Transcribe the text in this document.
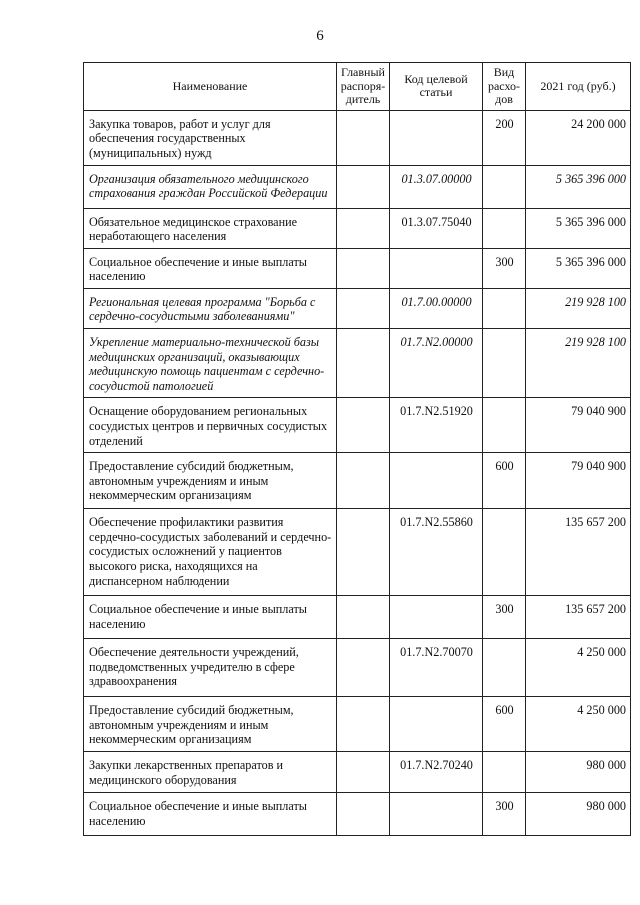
6
Наименование	Главный распоря-дитель	Код целевой статьи	Вид расхо-дов	2021 год (руб.)
Закупка товаров, работ и услуг для обеспечения государственных (муниципальных) нужд			200	24 200 000
Организация обязательного медицинского страхования граждан Российской Федерации		01.3.07.00000		5 365 396 000
Обязательное медицинское страхование неработающего населения		01.3.07.75040		5 365 396 000
Социальное обеспечение и иные выплаты населению			300	5 365 396 000
Региональная целевая программа "Борьба с сердечно-сосудистыми заболеваниями"		01.7.00.00000		219 928 100
Укрепление материально-технической базы медицинских организаций, оказывающих медицинскую помощь пациентам с сердечно-сосудистой патологией		01.7.N2.00000		219 928 100
Оснащение оборудованием региональных сосудистых центров и первичных сосудистых отделений		01.7.N2.51920		79 040 900
Предоставление субсидий бюджетным, автономным учреждениям и иным некоммерческим организациям			600	79 040 900
Обеспечение профилактики развития сердечно-сосудистых заболеваний и сердечно-сосудистых осложнений у пациентов высокого риска, находящихся на диспансерном наблюдении		01.7.N2.55860		135 657 200
Социальное обеспечение и иные выплаты населению			300	135 657 200
Обеспечение деятельности учреждений, подведомственных учредителю в сфере здравоохранения		01.7.N2.70070		4 250 000
Предоставление субсидий бюджетным, автономным учреждениям и иным некоммерческим организациям			600	4 250 000
Закупки лекарственных препаратов и медицинского оборудования		01.7.N2.70240		980 000
Социальное обеспечение и иные выплаты населению			300	980 000
